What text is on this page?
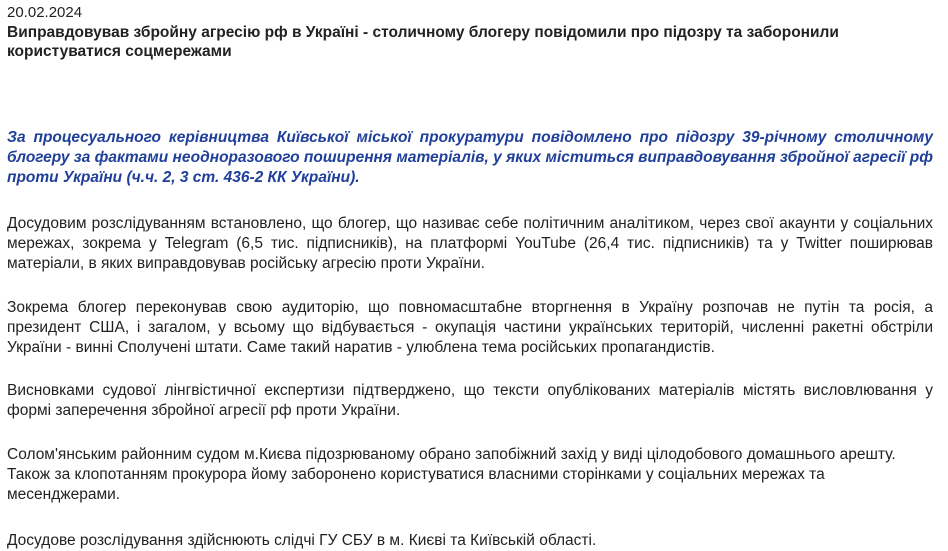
20.02.2024
Виправдовував збройну агресію рф в Україні - столичному блогеру повідомили про підозру та заборонили користуватися соцмережами
За процесуального керівництва Київської міської прокуратури повідомлено про підозру 39-річному столичному блогеру за фактами неодноразового поширення матеріалів, у яких міститься виправдовування збройної агресії рф проти України (ч.ч. 2, 3 ст. 436-2 КК України).
Досудовим розслідуванням встановлено, що блогер, що називає себе політичним аналітиком, через свої акаунти у соціальних мережах, зокрема у Telegram (6,5 тис. підписників), на платформі YouTube (26,4 тис. підписників) та у Twitter поширював матеріали, в яких виправдовував російську агресію проти України.
Зокрема блогер переконував свою аудиторію, що повномасштабне вторгнення в Україну розпочав не путін та росія, а президент США, і загалом, у всьому що відбувається - окупація частини українських територій, численні ракетні обстріли України - винні Сполучені штати. Саме такий наратив - улюблена тема російських пропагандистів.
Висновками судової лінгвістичної експертизи підтверджено, що тексти опублікованих матеріалів містять висловлювання у формі заперечення збройної агресії рф проти України.
Солом'янським районним судом м.Києва підозрюваному обрано запобіжний захід у виді цілодобового домашнього арешту. Також за клопотанням прокурора йому заборонено користуватися власними сторінками у соціальних мережах та месенджерами.
Досудове розслідування здійснюють слідчі ГУ СБУ в м. Києві та Київській області.
